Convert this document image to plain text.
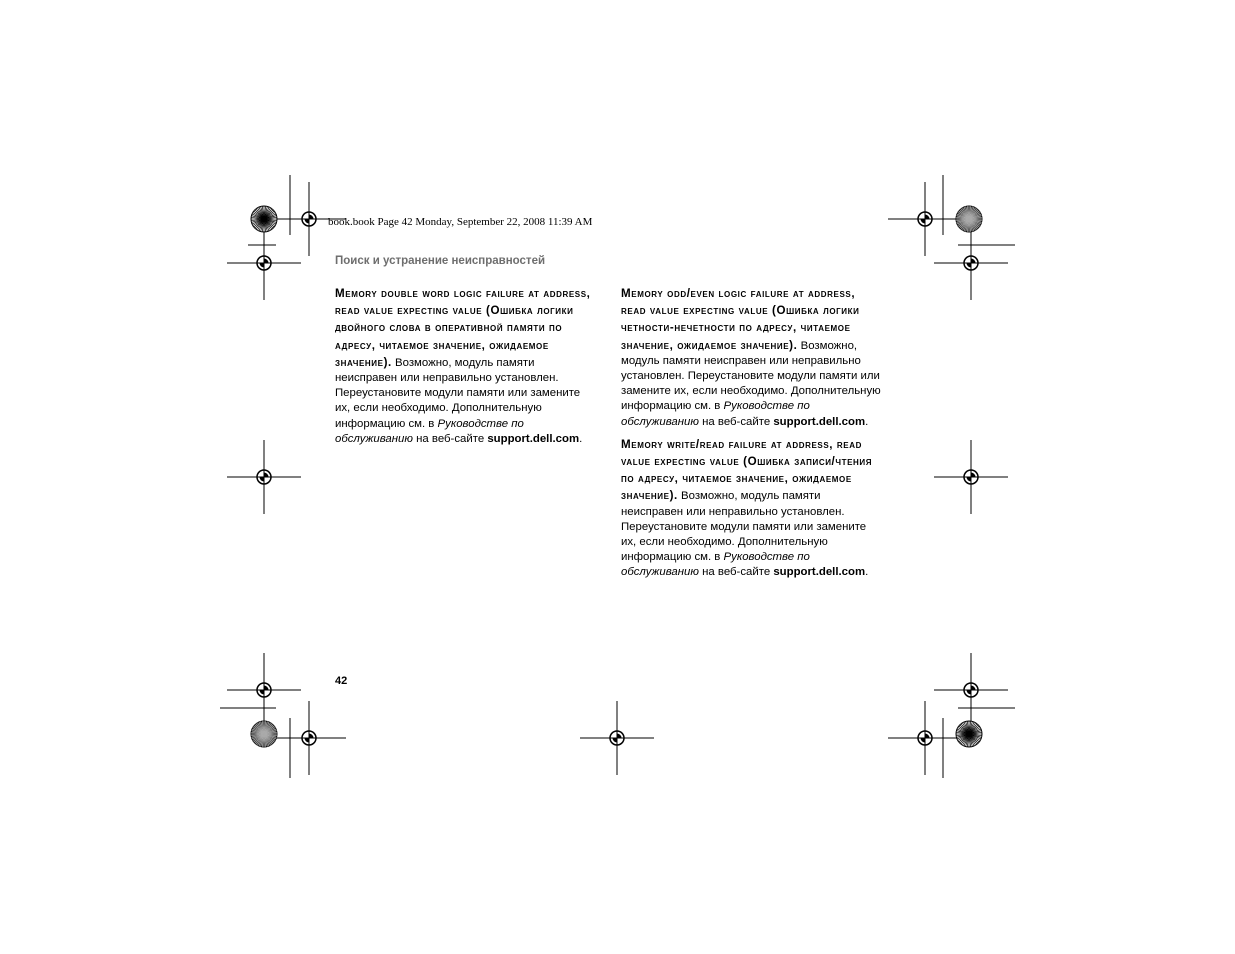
book.book Page 42 Monday, September 22, 2008 11:39 AM
Поиск и устранение неисправностей
Memory double word logic failure at address, read value expecting value (Ошибка логики двойного слова в оперативной памяти по адресу, читаемое значение, ожидаемое значение). Возможно, модуль памяти неисправен или неправильно установлен. Переустановите модули памяти или замените их, если необходимо. Дополнительную информацию см. в Руководстве по обслуживанию на веб-сайте support.dell.com.
Memory odd/even logic failure at address, read value expecting value (Ошибка логики четности-нечетности по адресу, читаемое значение, ожидаемое значение). Возможно, модуль памяти неисправен или неправильно установлен. Переустановите модули памяти или замените их, если необходимо. Дополнительную информацию см. в Руководстве по обслуживанию на веб-сайте support.dell.com.
Memory write/read failure at address, read value expecting value (Ошибка записи/чтения по адресу, читаемое значение, ожидаемое значение). Возможно, модуль памяти неисправен или неправильно установлен. Переустановите модули памяти или замените их, если необходимо. Дополнительную информацию см. в Руководстве по обслуживанию на веб-сайте support.dell.com.
42
